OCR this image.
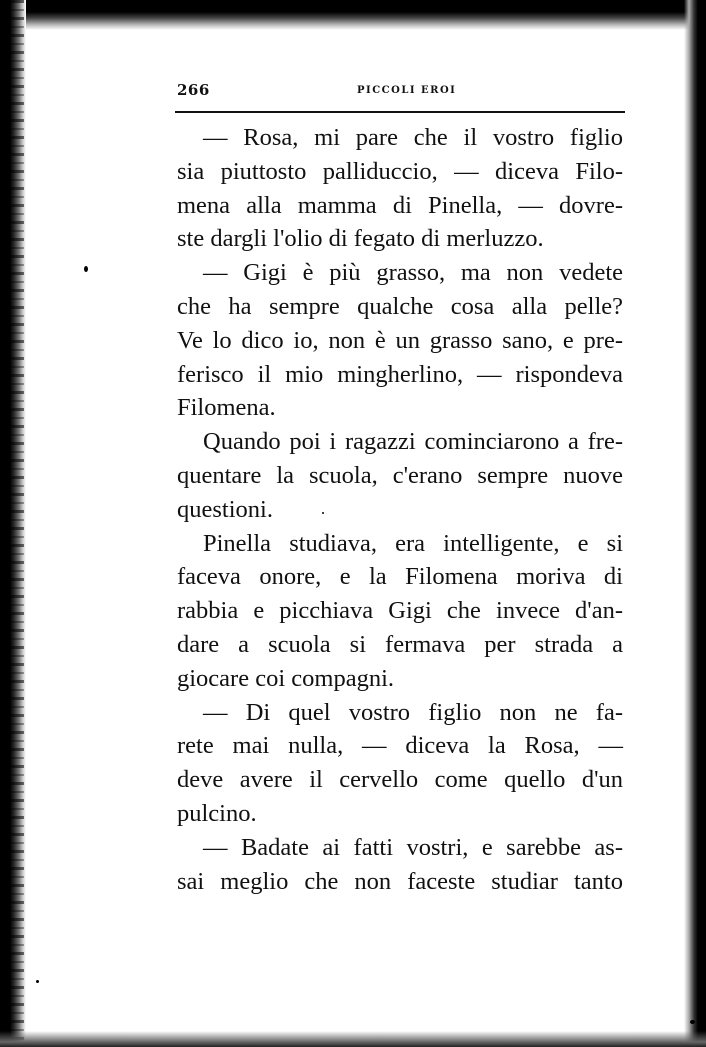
266	PICCOLI EROI
— Rosa, mi pare che il vostro figlio
sia piuttosto palliduccio, — diceva Filo-
mena alla mamma di Pinella, — dovre-
ste dargli l'olio di fegato di merluzzo.
— Gigi è più grasso, ma non vedete
che ha sempre qualche cosa alla pelle?
Ve lo dico io, non è un grasso sano, e pre-
ferisco il mio mingherlino, — rispondeva
Filomena.
Quando poi i ragazzi cominciarono a fre-
quentare la scuola, c'erano sempre nuove
questioni.
Pinella studiava, era intelligente, e si
faceva onore, e la Filomena moriva di
rabbia e picchiava Gigi che invece d'an-
dare a scuola si fermava per strada a
giocare coi compagni.
— Di quel vostro figlio non ne fa-
rete mai nulla, — diceva la Rosa, —
deve avere il cervello come quello d'un
pulcino.
— Badate ai fatti vostri, e sarebbe as-
sai meglio che non faceste studiar tanto
